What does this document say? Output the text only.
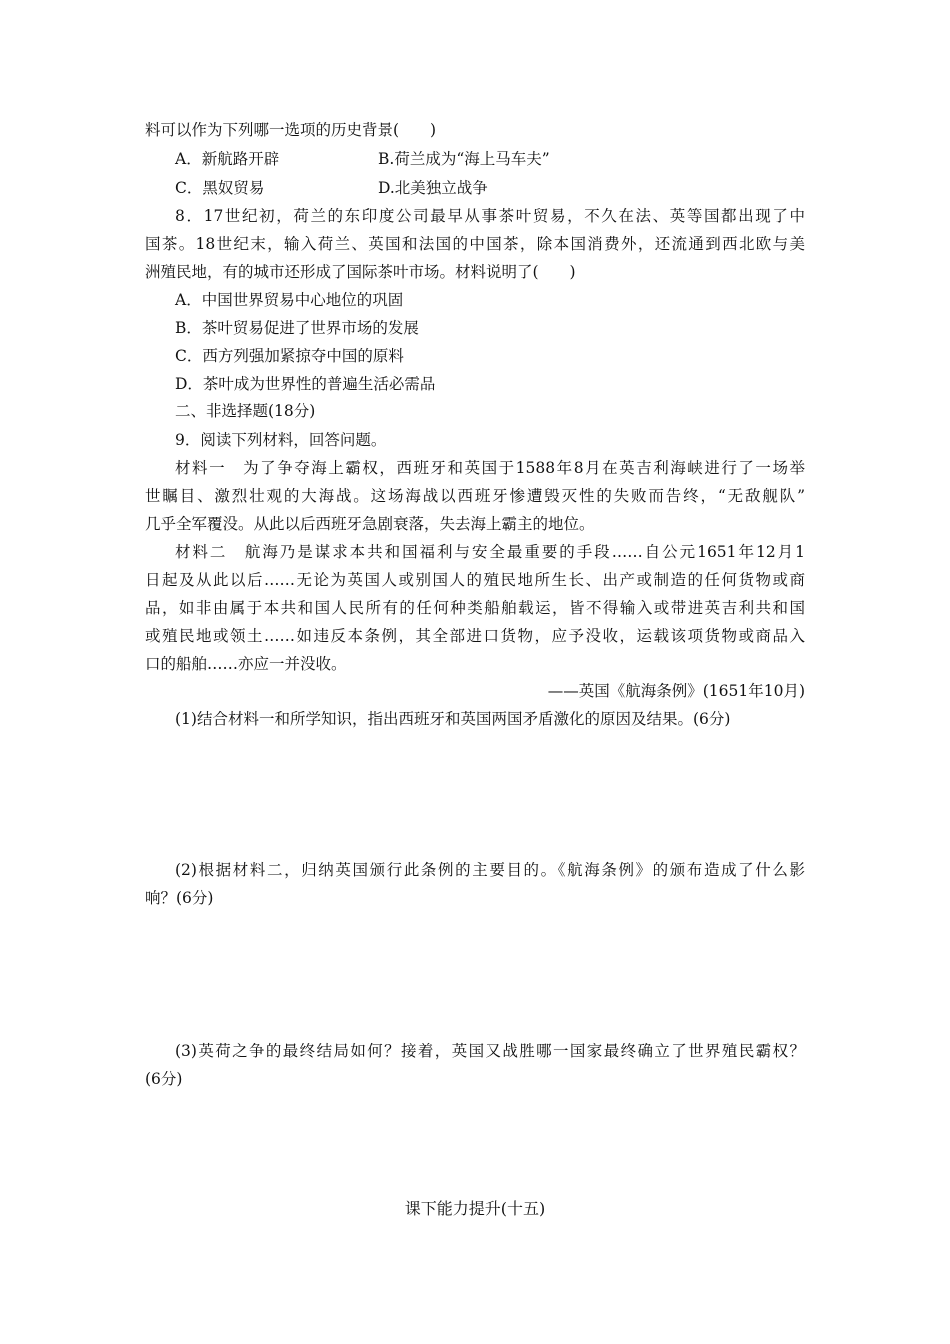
料可以作为下列哪一选项的历史背景(　　)
A．新航路开辟	B.荷兰成为“海上马车夫”
C．黑奴贸易	D.北美独立战争
8．17世纪初，荷兰的东印度公司最早从事茶叶贸易，不久在法、英等国都出现了中
国茶。18世纪末，输入荷兰、英国和法国的中国茶，除本国消费外，还流通到西北欧与美
洲殖民地，有的城市还形成了国际茶叶市场。材料说明了(　　)
A．中国世界贸易中心地位的巩固
B．茶叶贸易促进了世界市场的发展
C．西方列强加紧掠夺中国的原料
D．茶叶成为世界性的普遍生活必需品
二、非选择题(18分)
9．阅读下列材料，回答问题。
材料一　为了争夺海上霸权，西班牙和英国于1588年8月在英吉利海峡进行了一场举
世瞩目、激烈壮观的大海战。这场海战以西班牙惨遭毁灭性的失败而告终，“无敌舰队”
几乎全军覆没。从此以后西班牙急剧衰落，失去海上霸主的地位。
材料二　航海乃是谋求本共和国福利与安全最重要的手段……自公元1651年12月1
日起及从此以后……无论为英国人或别国人的殖民地所生长、出产或制造的任何货物或商
品，如非由属于本共和国人民所有的任何种类船舶载运，皆不得输入或带进英吉利共和国
或殖民地或领土……如违反本条例，其全部进口货物，应予没收，运载该项货物或商品入
口的船舶……亦应一并没收。
——英国《航海条例》(1651年10月)
(1)结合材料一和所学知识，指出西班牙和英国两国矛盾激化的原因及结果。(6分)
(2)根据材料二，归纳英国颁行此条例的主要目的。《航海条例》的颁布造成了什么影
响？(6分)
(3)英荷之争的最终结局如何？接着，英国又战胜哪一国家最终确立了世界殖民霸权？
(6分)
课下能力提升(十五)
